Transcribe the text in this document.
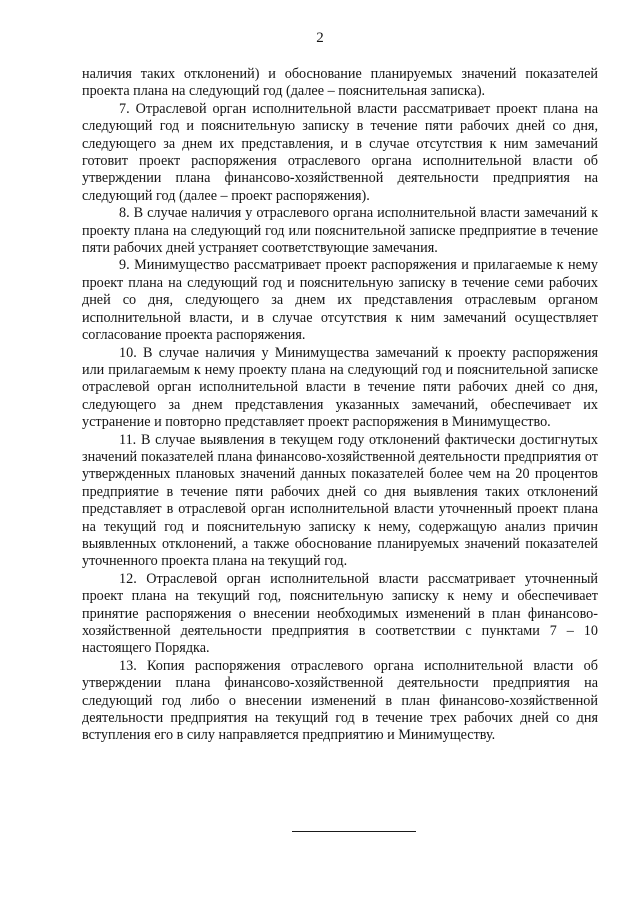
2

наличия таких отклонений) и обоснование планируемых значений показателей проекта плана на следующий год (далее – пояснительная записка).

7. Отраслевой орган исполнительной власти рассматривает проект плана на следующий год и пояснительную записку в течение пяти рабочих дней со дня, следующего за днем их представления, и в случае отсутствия к ним замечаний готовит проект распоряжения отраслевого органа исполнительной власти об утверждении плана финансово-хозяйственной деятельности предприятия на следующий год (далее – проект распоряжения).

8. В случае наличия у отраслевого органа исполнительной власти замечаний к проекту плана на следующий год или пояснительной записке предприятие в течение пяти рабочих дней устраняет соответствующие замечания.

9. Минимущество рассматривает проект распоряжения и прилагаемые к нему проект плана на следующий год и пояснительную записку в течение семи рабочих дней со дня, следующего за днем их представления отраслевым органом исполнительной власти, и в случае отсутствия к ним замечаний осуществляет согласование проекта распоряжения.

10. В случае наличия у Минимущества замечаний к проекту распоряжения или прилагаемым к нему проекту плана на следующий год и пояснительной записке отраслевой орган исполнительной власти в течение пяти рабочих дней со дня, следующего за днем представления указанных замечаний, обеспечивает их устранение и повторно представляет проект распоряжения в Минимущество.

11. В случае выявления в текущем году отклонений фактически достигнутых значений показателей плана финансово-хозяйственной деятельности предприятия от утвержденных плановых значений данных показателей более чем на 20 процентов предприятие в течение пяти рабочих дней со дня выявления таких отклонений представляет в отраслевой орган исполнительной власти уточненный проект плана на текущий год и пояснительную записку к нему, содержащую анализ причин выявленных отклонений, а также обоснование планируемых значений показателей уточненного проекта плана на текущий год.

12. Отраслевой орган исполнительной власти рассматривает уточненный проект плана на текущий год, пояснительную записку к нему и обеспечивает принятие распоряжения о внесении необходимых изменений в план финансово-хозяйственной деятельности предприятия в соответствии с пунктами 7 – 10 настоящего Порядка.

13. Копия распоряжения отраслевого органа исполнительной власти об утверждении плана финансово-хозяйственной деятельности предприятия на следующий год либо о внесении изменений в план финансово-хозяйственной деятельности предприятия на текущий год в течение трех рабочих дней со дня вступления его в силу направляется предприятию и Минимуществу.
